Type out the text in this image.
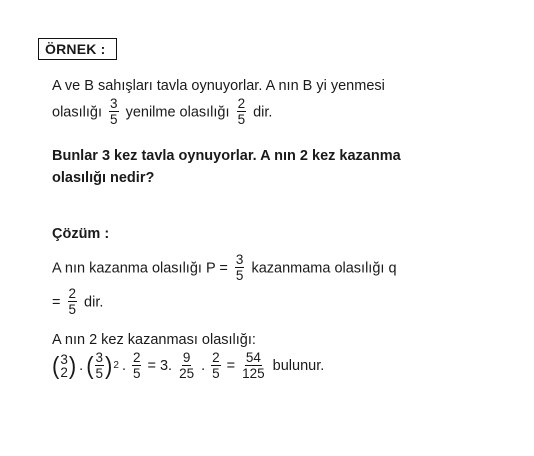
ÖRNEK :
A ve B sahışları tavla oynuyorlar. A nın B yi yenmesi
olasılığı $\frac{3}{5}$ yenilme olasılığı $\frac{2}{5}$ dir.
Bunlar 3 kez tavla oynuyorlar. A nın 2 kez kazanma
olasılığı nedir?
Çözüm :
A nın kazanma olasılığı $P = \frac{3}{5}$ kazanmama olasılığı q
= $\frac{2}{5}$ dir.
A nın 2 kez kazanması olasılığı:
( 3
2 ) . ( $\frac{3}{5}$ ) 2 . $\frac{2}{5} = 3$. $\frac{9}{25}$ . $\frac{2}{5} = \frac{54}{125}$ bulunur.
